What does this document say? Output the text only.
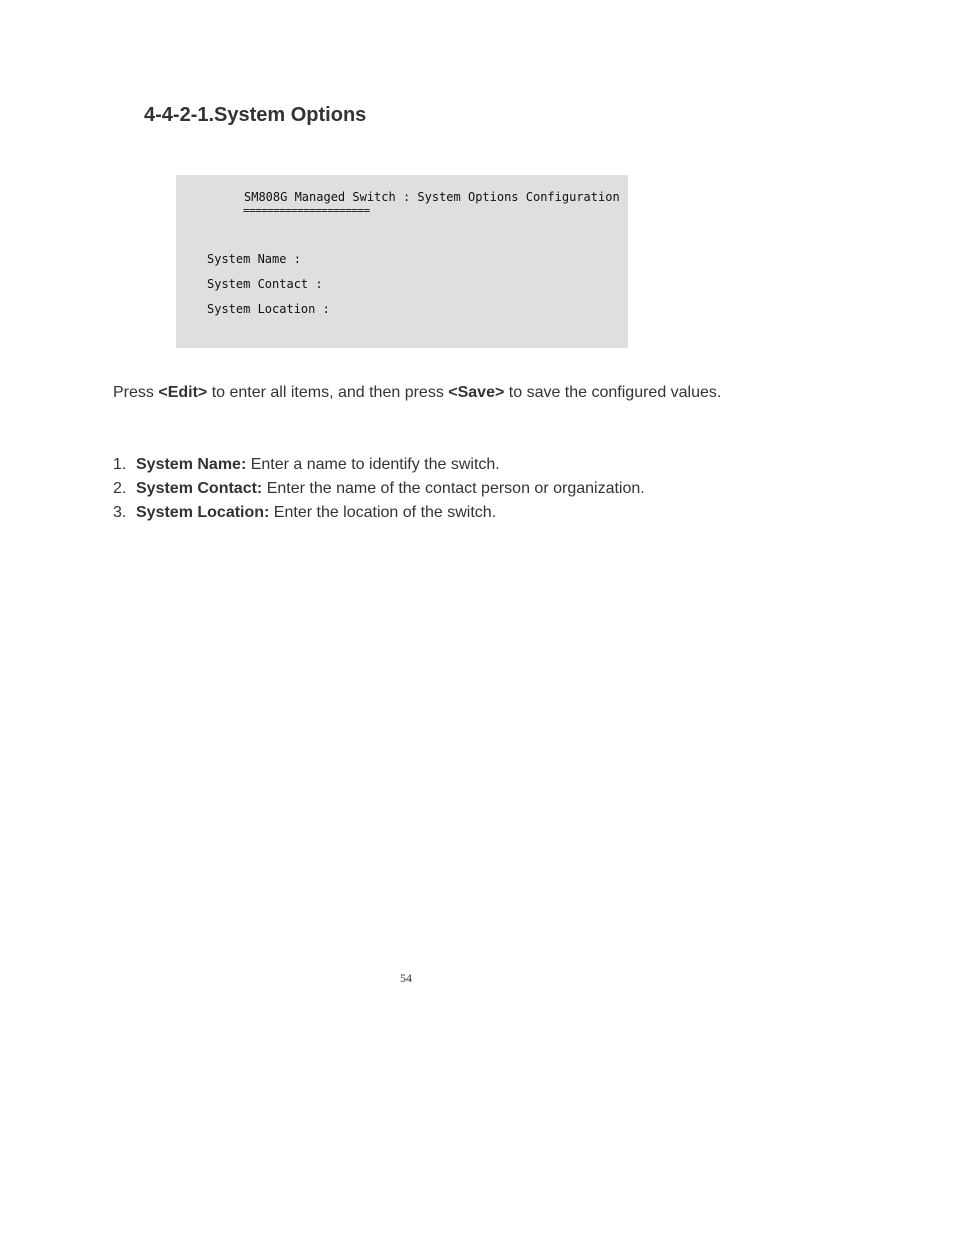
4-4-2-1.System Options
SM808G Managed Switch : System Options Configuration
=====================
System Name :
System Contact :
System Location :

Press <Edit> to enter all items, and then press <Save> to save the configured values.

1. System Name: Enter a name to identify the switch.
2. System Contact: Enter the name of the contact person or organization.
3. System Location: Enter the location of the switch.
54
